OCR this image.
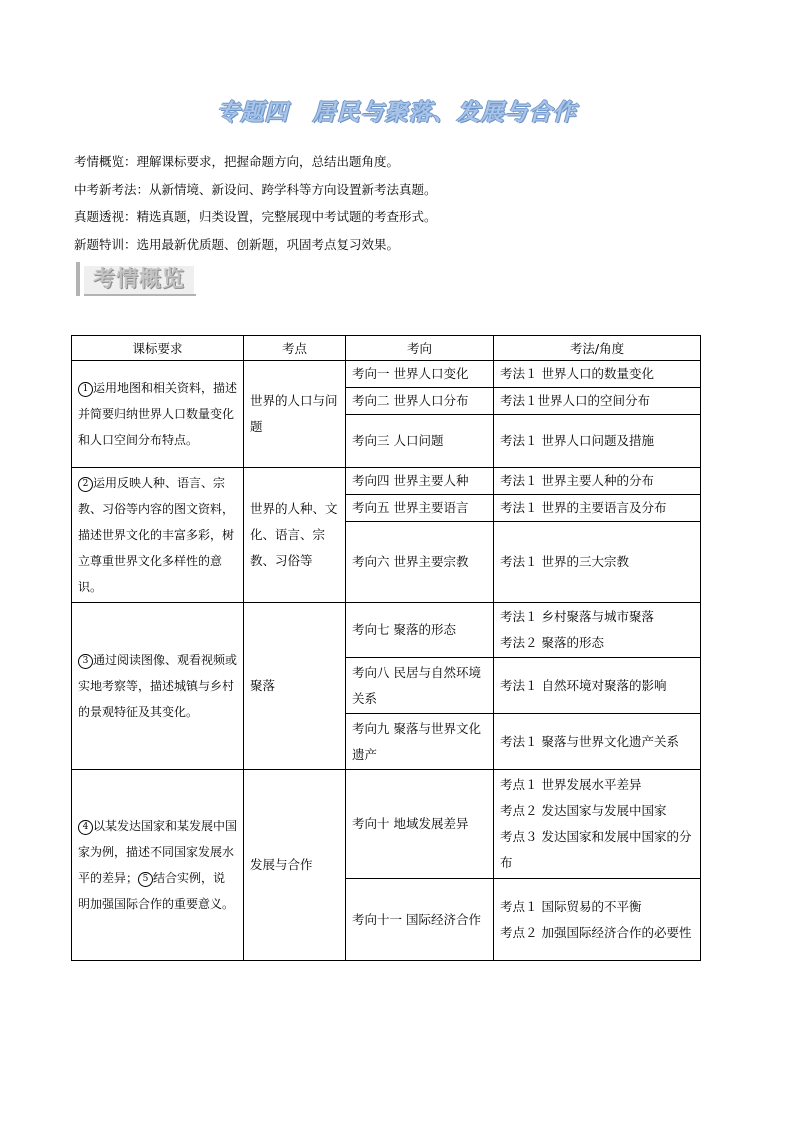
专题四　居民与聚落、发展与合作
考情概览：理解课标要求，把握命题方向，总结出题角度。
中考新考法：从新情境、新设问、跨学科等方向设置新考法真题。
真题透视：精选真题，归类设置，完整展现中考试题的考查形式。
新题特训：选用最新优质题、创新题，巩固考点复习效果。
考情概览
课标要求	考点	考向	考法/角度
1 运用地图和相关资料，描述并简要归纳世界人口数量变化和人口空间分布特点。	世界的人口与问题	考向一 世界人口变化	考法１ 世界人口的数量变化
		考向二 世界人口分布	考法１世界人口的空间分布
		考向三 人口问题	考法１ 世界人口问题及措施
2 运用反映人种、语言、宗教、习俗等内容的图文资料，描述世界文化的丰富多彩，树立尊重世界文化多样性的意识。	世界的人种、文化、语言、宗教、习俗等	考向四 世界主要人种	考法１ 世界主要人种的分布
		考向五 世界主要语言	考法１ 世界的主要语言及分布
		考向六 世界主要宗教	考法１ 世界的三大宗教
3 通过阅读图像、观看视频或实地考察等，描述城镇与乡村的景观特征及其变化。	聚落	考向七 聚落的形态	考法１ 乡村聚落与城市聚落
考法２ 聚落的形态
		考向八 民居与自然环境关系	考法１ 自然环境对聚落的影响
		考向九 聚落与世界文化遗产	考法１ 聚落与世界文化遗产关系
4 以某发达国家和某发展中国家为例，描述不同国家发展水平的差异； 5 结合实例，说明加强国际合作的重要意义。	发展与合作	考向十 地域发展差异	考点１ 世界发展水平差异
考点２ 发达国家与发展中国家
考点３ 发达国家和发展中国家的分布
		考向十一 国际经济合作	考点１ 国际贸易的不平衡
考点２ 加强国际经济合作的必要性
